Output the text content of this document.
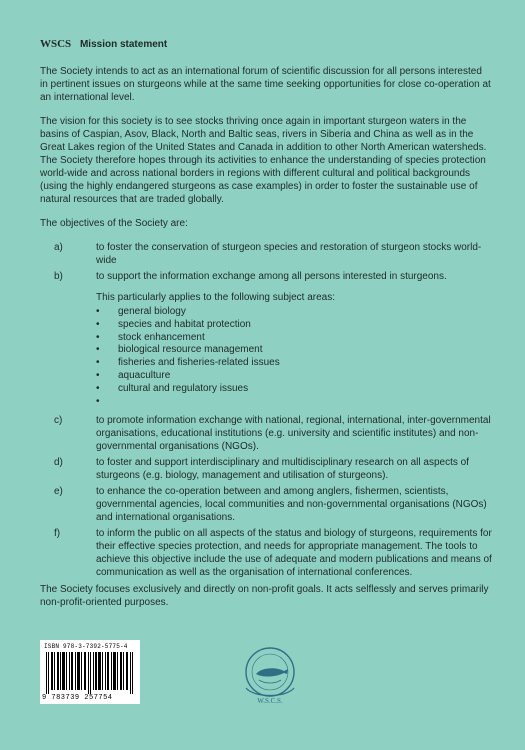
WSCS Mission statement

The Society intends to act as an international forum of scientific discussion for all persons interested in pertinent issues on sturgeons while at the same time seeking opportunities for close co-operation at an international level.

The vision for this society is to see stocks thriving once again in important sturgeon waters in the basins of Caspian, Asov, Black, North and Baltic seas, rivers in Siberia and China as well as in the Great Lakes region of the United States and Canada in addition to other North American watersheds. The Society therefore hopes through its activities to enhance the understanding of species protection world-wide and across national borders in regions with different cultural and political backgrounds (using the highly endangered sturgeons as case examples) in order to foster the sustainable use of natural resources that are traded globally.

The objectives of the Society are:

a)	to foster the conservation of sturgeon species and restoration of sturgeon stocks world-wide
b)	to support the information exchange among all persons interested in sturgeons.
This particularly applies to the following subject areas:
• general biology
• species and habitat protection
• stock enhancement
• biological resource management
• fisheries and fisheries-related issues
• aquaculture
• cultural and regulatory issues
•
c)	to promote information exchange with national, regional, international, inter-governmental organisations, educational institutions (e.g. university and scientific institutes) and non-governmental organisations (NGOs).
d)	to foster and support interdisciplinary and multidisciplinary research on all aspects of sturgeons (e.g. biology, management and utilisation of sturgeons).
e)	to enhance the co-operation between and among anglers, fishermen, scientists, governmental agencies, local communities and non-governmental organisations (NGOs) and international organisations.
f)	to inform the public on all aspects of the status and biology of sturgeons, requirements for their effective species protection, and needs for appropriate management. The tools to achieve this objective include the use of adequate and modern publications and means of communication as well as the organisation of international conferences.

The Society focuses exclusively and directly on non-profit goals. It acts selflessly and serves primarily non-profit-oriented purposes.

ISBN 978-3-7392-5775-4
9 783739 257754	W.S.C.S.
